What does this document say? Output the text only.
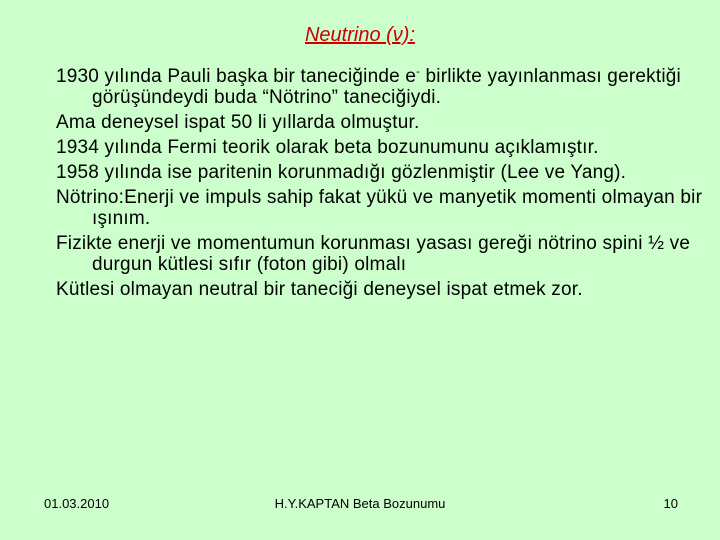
Neutrino (ν):

1930 yılında Pauli başka bir taneciğinde e- birlikte yayınlanması gerektiği görüşündeydi buda “Nötrino” taneciğiydi.

Ama deneysel ispat 50 li yıllarda olmuştur.

1934 yılında Fermi teorik olarak beta bozunumunu açıklamıştır.

1958 yılında ise paritenin korunmadığı gözlenmiştir (Lee ve Yang).

Nötrino:Enerji ve impuls sahip fakat yükü ve manyetik momenti olmayan bir ışınım.

Fizikte enerji ve momentumun korunması yasası gereği nötrino spini ½ ve durgun kütlesi sıfır (foton gibi) olmalı

Kütlesi olmayan neutral bir taneciği deneysel ispat etmek zor.

01.03.2010	H.Y.KAPTAN Beta Bozunumu	10
